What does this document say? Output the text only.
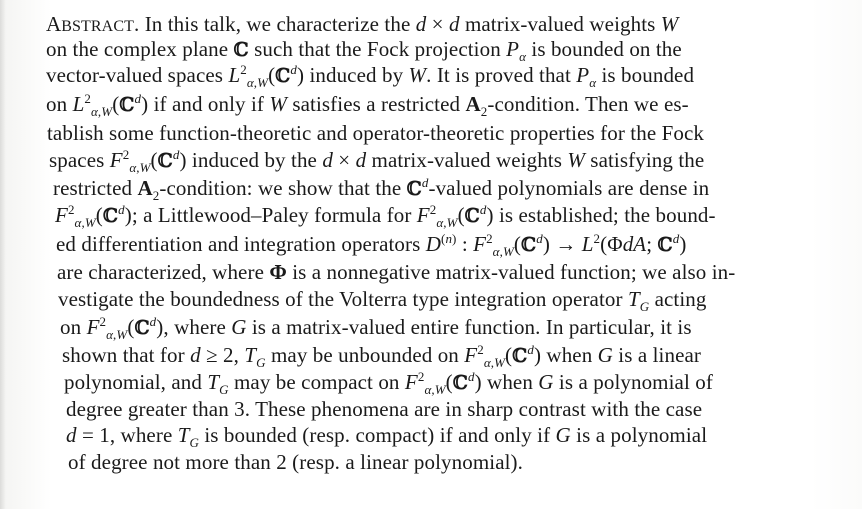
ABSTRACT. In this talk, we characterize the d × d matrix-valued weights W
on the complex plane ℂ such that the Fock projection $P_\alpha$ is bounded on the
vector-valued spaces $L^2_{\alpha,W}(ℂ^d)$ induced by W. It is proved that $P_\alpha$ is bounded
on $L^2_{\alpha,W}(ℂ^d)$ if and only if W satisfies a restricted $A_2$-condition. Then we es-
tablish some function-theoretic and operator-theoretic properties for the Fock
spaces $F^2_{\alpha,W}(ℂ^d)$ induced by the d × d matrix-valued weights W satisfying the
restricted $A_2$-condition: we show that the ℂ$^d$-valued polynomials are dense in
$F^2_{\alpha,W}(ℂ^d)$; a Littlewood–Paley formula for $F^2_{\alpha,W}(ℂ^d)$ is established; the bound-
ed differentiation and integration operators $D^{(n)}$ : $F^2_{\alpha,W}(ℂ^d) \to L^2(\Phi dA$; ℂ$^d$)
are characterized, where Φ is a nonnegative matrix-valued function; we also in-
vestigate the boundedness of the Volterra type integration operator $T_G$ acting
on $F^2_{\alpha,W}(ℂ^d)$, where G is a matrix-valued entire function. In particular, it is
shown that for d ≥ 2, $T_G$ may be unbounded on $F^2_{\alpha,W}(ℂ^d)$ when G is a linear
polynomial, and $T_G$ may be compact on $F^2_{\alpha,W}(ℂ^d)$ when G is a polynomial of
degree greater than 3. These phenomena are in sharp contrast with the case
d = 1, where $T_G$ is bounded (resp. compact) if and only if G is a polynomial
of degree not more than 2 (resp. a linear polynomial).
